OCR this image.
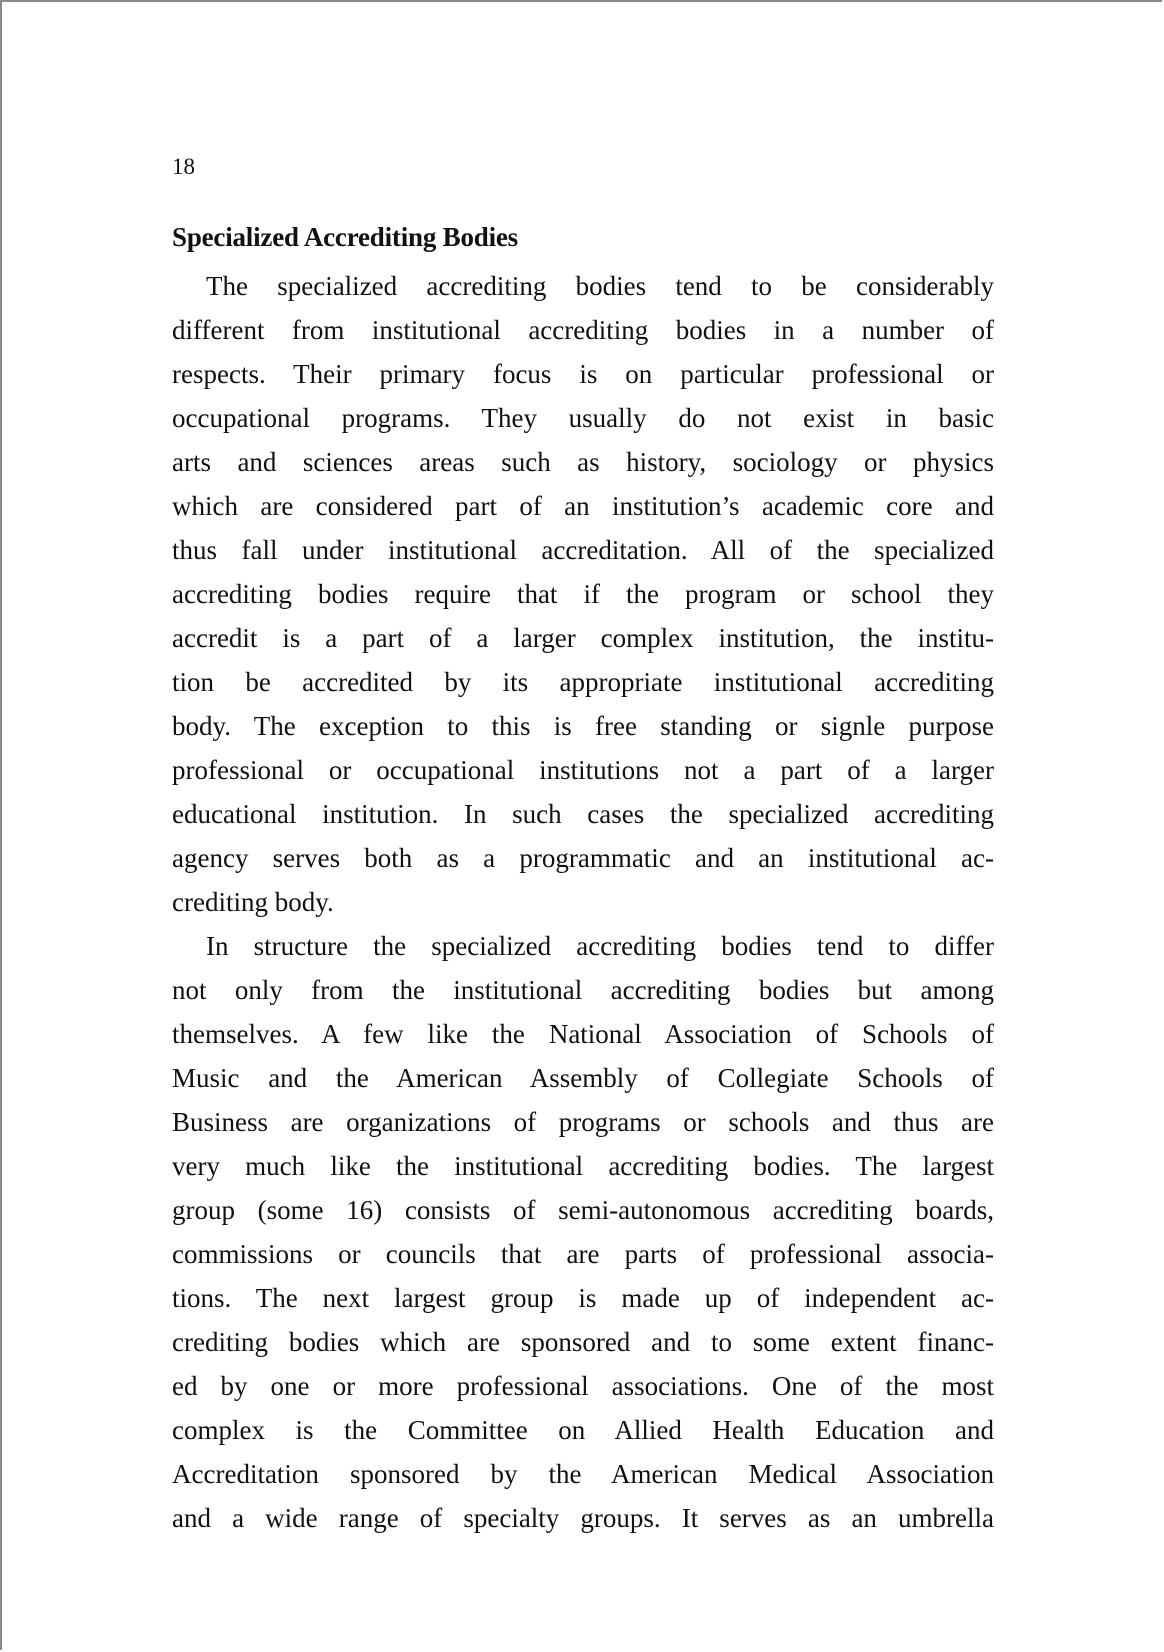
18
Specialized Accrediting Bodies
The specialized accrediting bodies tend to be considerably
different from institutional accrediting bodies in a number of
respects. Their primary focus is on particular professional or
occupational programs. They usually do not exist in basic
arts and sciences areas such as history, sociology or physics
which are considered part of an institution’s academic core and
thus fall under institutional accreditation. All of the specialized
accrediting bodies require that if the program or school they
accredit is a part of a larger complex institution, the institu-
tion be accredited by its appropriate institutional accrediting
body. The exception to this is free standing or signle purpose
professional or occupational institutions not a part of a larger
educational institution. In such cases the specialized accrediting
agency serves both as a programmatic and an institutional ac-
crediting body.
In structure the specialized accrediting bodies tend to differ
not only from the institutional accrediting bodies but among
themselves. A few like the National Association of Schools of
Music and the American Assembly of Collegiate Schools of
Business are organizations of programs or schools and thus are
very much like the institutional accrediting bodies. The largest
group (some 16) consists of semi-autonomous accrediting boards,
commissions or councils that are parts of professional associa-
tions. The next largest group is made up of independent ac-
crediting bodies which are sponsored and to some extent financ-
ed by one or more professional associations. One of the most
complex is the Committee on Allied Health Education and
Accreditation sponsored by the American Medical Association
and a wide range of specialty groups. It serves as an umbrella
